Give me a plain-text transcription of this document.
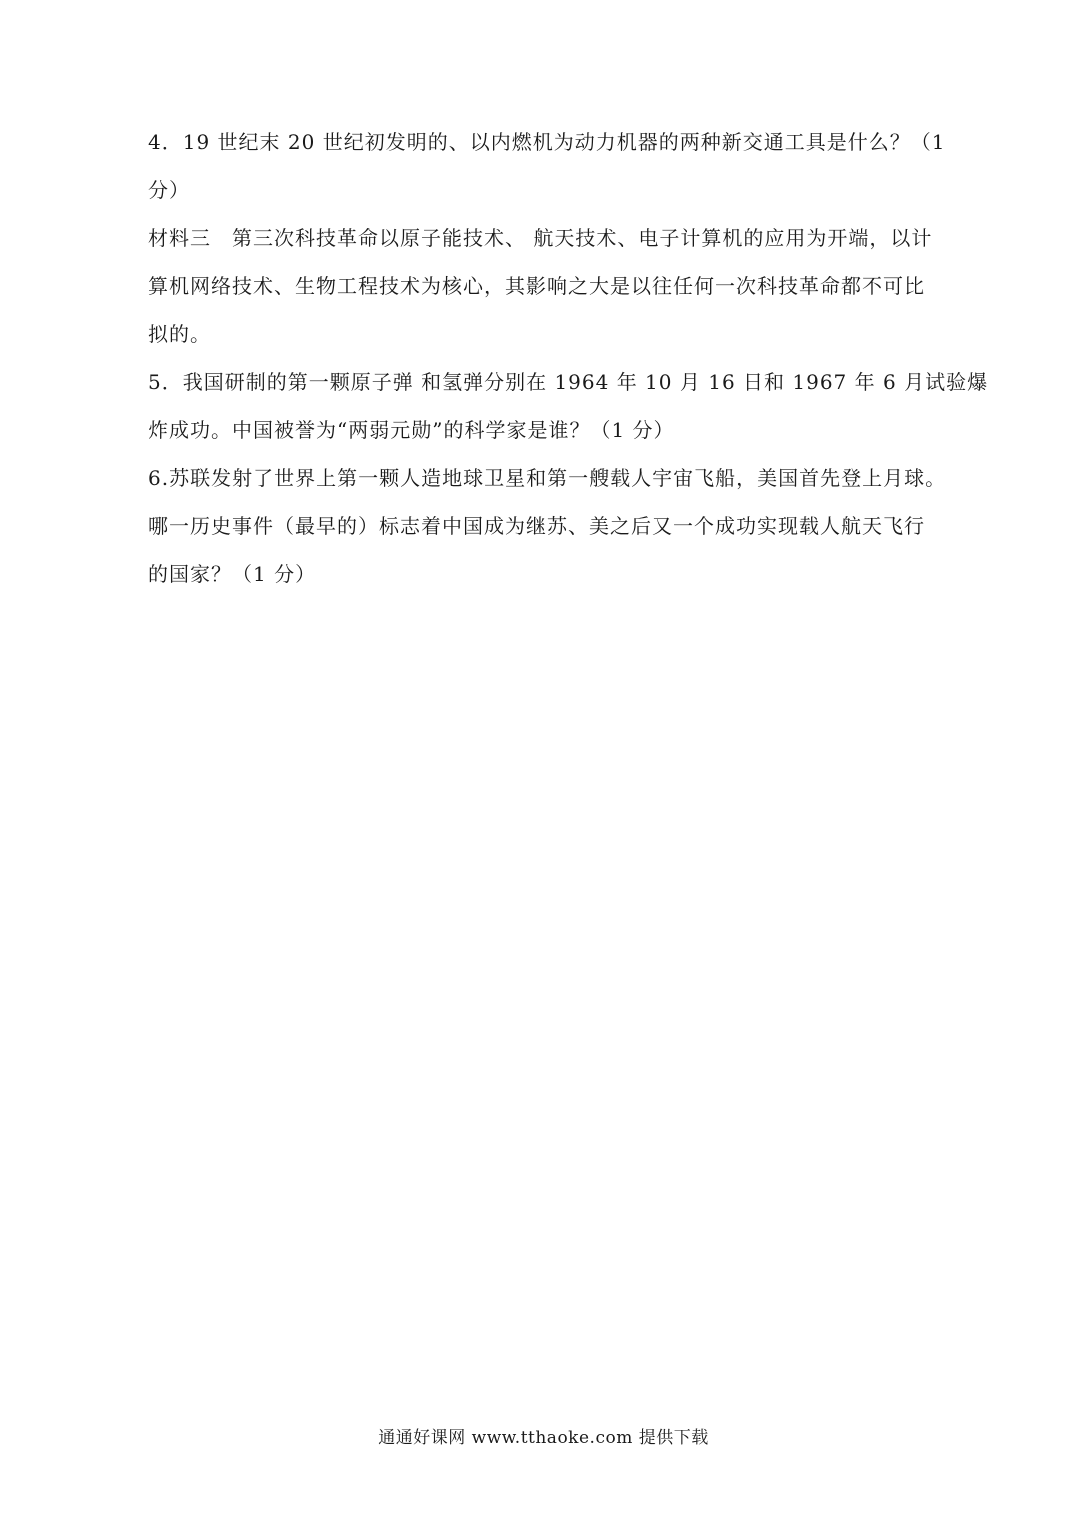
4．19 世纪末 20 世纪初发明的、以内燃机为动力机器的两种新交通工具是什么？（1
分）
材料三　第三次科技革命以原子能技术、 航天技术、电子计算机的应用为开端，以计
算机网络技术、生物工程技术为核心，其影响之大是以往任何一次科技革命都不可比
拟的。
5．我国研制的第一颗原子弹 和氢弹分别在 1964 年 10 月 16 日和 1967 年 6 月试验爆
炸成功。中国被誉为“两弱元勋”的科学家是谁？（1 分）
6.苏联发射了世界上第一颗人造地球卫星和第一艘载人宇宙飞船，美国首先登上月球。
哪一历史事件（最早的）标志着中国成为继苏、美之后又一个成功实现载人航天飞行
的国家？（1 分）
通通好课网 www.tthaoke.com 提供下载
